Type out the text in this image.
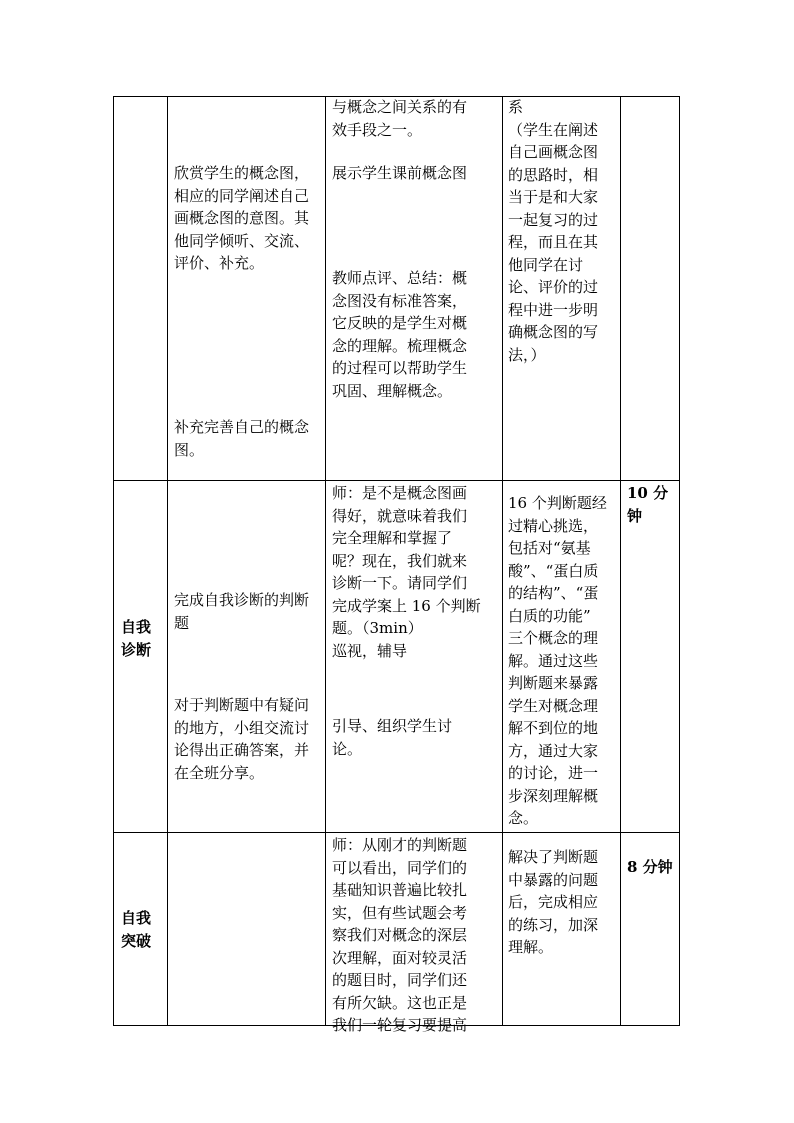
欣赏学生的概念图，
相应的同学阐述自己
画概念图的意图。其
他同学倾听、交流、
评价、补充。
补充完善自己的概念
图。
与概念之间关系的有
效手段之一。
展示学生课前概念图
教师点评、总结：概
念图没有标准答案，
它反映的是学生对概
念的理解。梳理概念
的过程可以帮助学生
巩固、理解概念。
系
（学生在阐述
自己画概念图
的思路时，相
当于是和大家
一起复习的过
程，而且在其
他同学在讨
论、评价的过
程中进一步明
确概念图的写
法，）
自我
诊断
完成自我诊断的判断
题
对于判断题中有疑问
的地方，小组交流讨
论得出正确答案，并
在全班分享。
师：是不是概念图画
得好，就意味着我们
完全理解和掌握了
呢？现在，我们就来
诊断一下。请同学们
完成学案上 16 个判断
题。（3min）
巡视，辅导
引导、组织学生讨
论。
16 个判断题经
过精心挑选，
包括对“氨基
酸”、“蛋白质
的结构”、“蛋
白质的功能”
三个概念的理
解。通过这些
判断题来暴露
学生对概念理
解不到位的地
方，通过大家
的讨论，进一
步深刻理解概
念。
10 分
钟
自我
突破
师：从刚才的判断题
可以看出，同学们的
基础知识普遍比较扎
实，但有些试题会考
察我们对概念的深层
次理解，面对较灵活
的题目时，同学们还
有所欠缺。这也正是
我们一轮复习要提高
解决了判断题
中暴露的问题
后，完成相应
的练习，加深
理解。
8 分钟
